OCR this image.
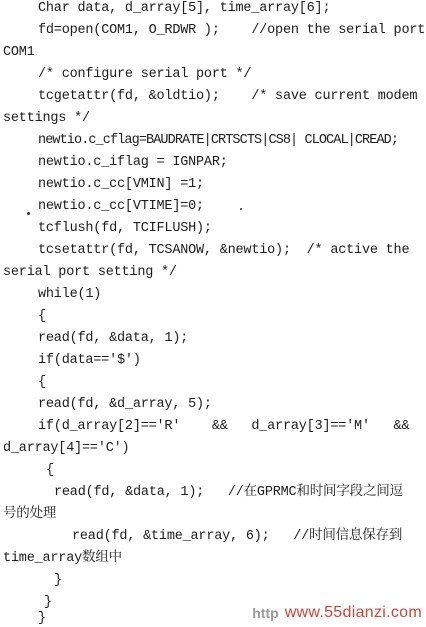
Char data, d_array[5], time_array[6];
fd=open(COM1, O_RDWR );    //open the serial port
COM1
/* configure serial port */
tcgetattr(fd, &oldtio);    /* save current modem
settings */
newtio.c_cflag=BAUDRATE|CRTSCTS|CS8| CLOCAL|CREAD;
newtio.c_iflag = IGNPAR;
newtio.c_cc[VMIN] =1;
newtio.c_cc[VTIME]=0;
tcflush(fd, TCIFLUSH);
tcsetattr(fd, TCSANOW, &newtio);  /* active the
serial port setting */
while(1)
{
read(fd, &data, 1);
if(data=='$')
{
read(fd, &d_array, 5);
if(d_array[2]=='R'    &&   d_array[3]=='M'   &&
d_array[4]=='C')
{
read(fd, &data, 1);   //在GPRMC和时间字段之间逗
号的处理
read(fd, &time_array, 6);   //时间信息保存到
time_array数组中
}
}
}	http www.55dianzi.com
